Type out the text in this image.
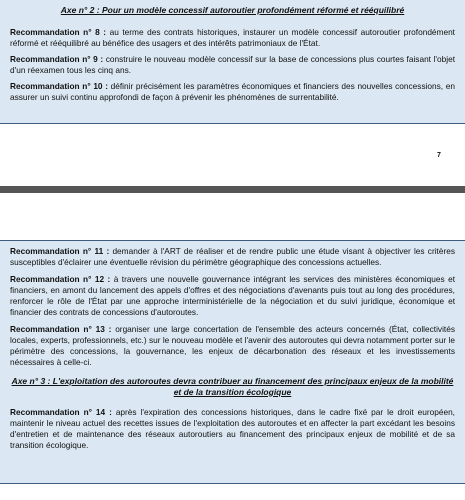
Axe n° 2 : Pour un modèle concessif autoroutier profondément réformé et rééquilibré

Recommandation n° 8 : au terme des contrats historiques, instaurer un modèle concessif autoroutier profondément réformé et rééquilibré au bénéfice des usagers et des intérêts patrimoniaux de l'État.

Recommandation n° 9 : construire le nouveau modèle concessif sur la base de concessions plus courtes faisant l'objet d'un réexamen tous les cinq ans.

Recommandation n° 10 : définir précisément les paramètres économiques et financiers des nouvelles concessions, en assurer un suivi continu approfondi de façon à prévenir les phénomènes de surrentabilité.

7

Recommandation n° 11 : demander à l'ART de réaliser et de rendre public une étude visant à objectiver les critères susceptibles d'éclairer une éventuelle révision du périmètre géographique des concessions actuelles.

Recommandation n° 12 : à travers une nouvelle gouvernance intégrant les services des ministères économiques et financiers, en amont du lancement des appels d'offres et des négociations d'avenants puis tout au long des procédures, renforcer le rôle de l'État par une approche interministérielle de la négociation et du suivi juridique, économique et financier des contrats de concessions d'autoroutes.

Recommandation n° 13 : organiser une large concertation de l'ensemble des acteurs concernés (État, collectivités locales, experts, professionnels, etc.) sur le nouveau modèle et l'avenir des autoroutes qui devra notamment porter sur le périmètre des concessions, la gouvernance, les enjeux de décarbonation des réseaux et les investissements nécessaires à celle-ci.

Axe n° 3 : L'exploitation des autoroutes devra contribuer au financement des principaux enjeux de la mobilité et de la transition écologique

Recommandation n° 14 : après l'expiration des concessions historiques, dans le cadre fixé par le droit européen, maintenir le niveau actuel des recettes issues de l'exploitation des autoroutes et en affecter la part excédant les besoins d'entretien et de maintenance des réseaux autoroutiers au financement des principaux enjeux de mobilité et de sa transition écologique.
